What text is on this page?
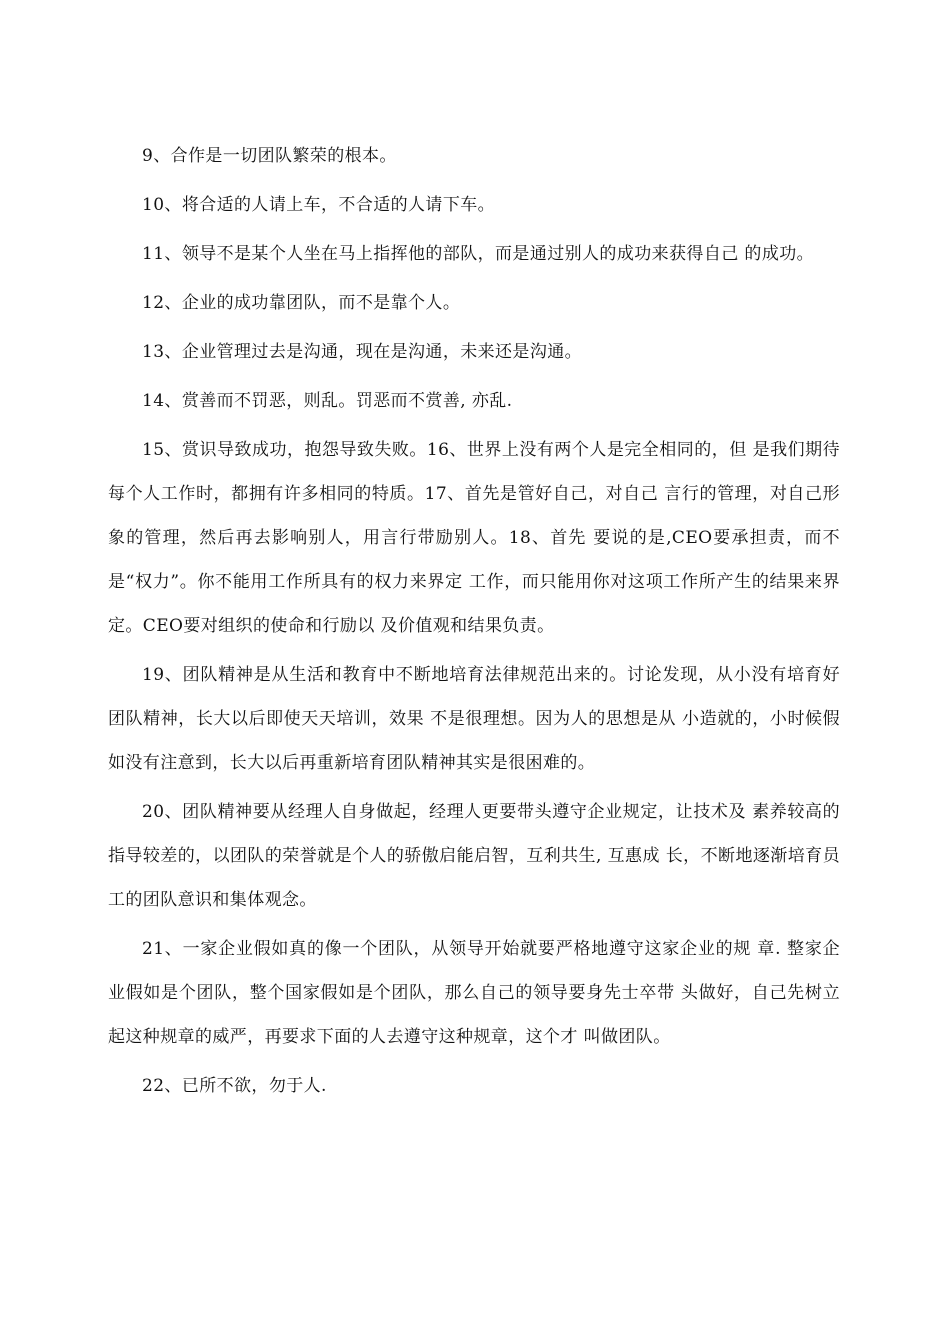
9、合作是一切团队繁荣的根本。

10、将合适的人请上车，不合适的人请下车。

11、领导不是某个人坐在马上指挥他的部队，而是通过别人的成功来获得自己 的成功。

12、企业的成功靠团队，而不是靠个人。

13、企业管理过去是沟通，现在是沟通，未来还是沟通。

14、赏善而不罚恶，则乱。罚恶而不赏善, 亦乱.

15、赏识导致成功，抱怨导致失败。16、世界上没有两个人是完全相同的，但 是我们期待每个人工作时，都拥有许多相同的特质。17、首先是管好自己，对自己 言行的管理，对自己形象的管理，然后再去影响别人，用言行带励别人。18、首先 要说的是,CEO要承担责，而不是“权力”。你不能用工作所具有的权力来界定 工作，而只能用你对这项工作所产生的结果来界定。CEO要对组织的使命和行励以 及价值观和结果负责。

19、团队精神是从生活和教育中不断地培育法律规范出来的。讨论发现，从小没有培育好团队精神，长大以后即使天天培训，效果 不是很理想。因为人的思想是从 小造就的，小时候假如没有注意到，长大以后再重新培育团队精神其实是很困难的。

20、团队精神要从经理人自身做起，经理人更要带头遵守企业规定，让技术及 素养较高的指导较差的，以团队的荣誉就是个人的骄傲启能启智，互利共生, 互惠成 长，不断地逐渐培育员工的团队意识和集体观念。

21、一家企业假如真的像一个团队，从领导开始就要严格地遵守这家企业的规 章. 整家企业假如是个团队，整个国家假如是个团队，那么自己的领导要身先士卒带 头做好，自己先树立起这种规章的威严，再要求下面的人去遵守这种规章，这个才 叫做团队。

22、已所不欲，勿于人.
